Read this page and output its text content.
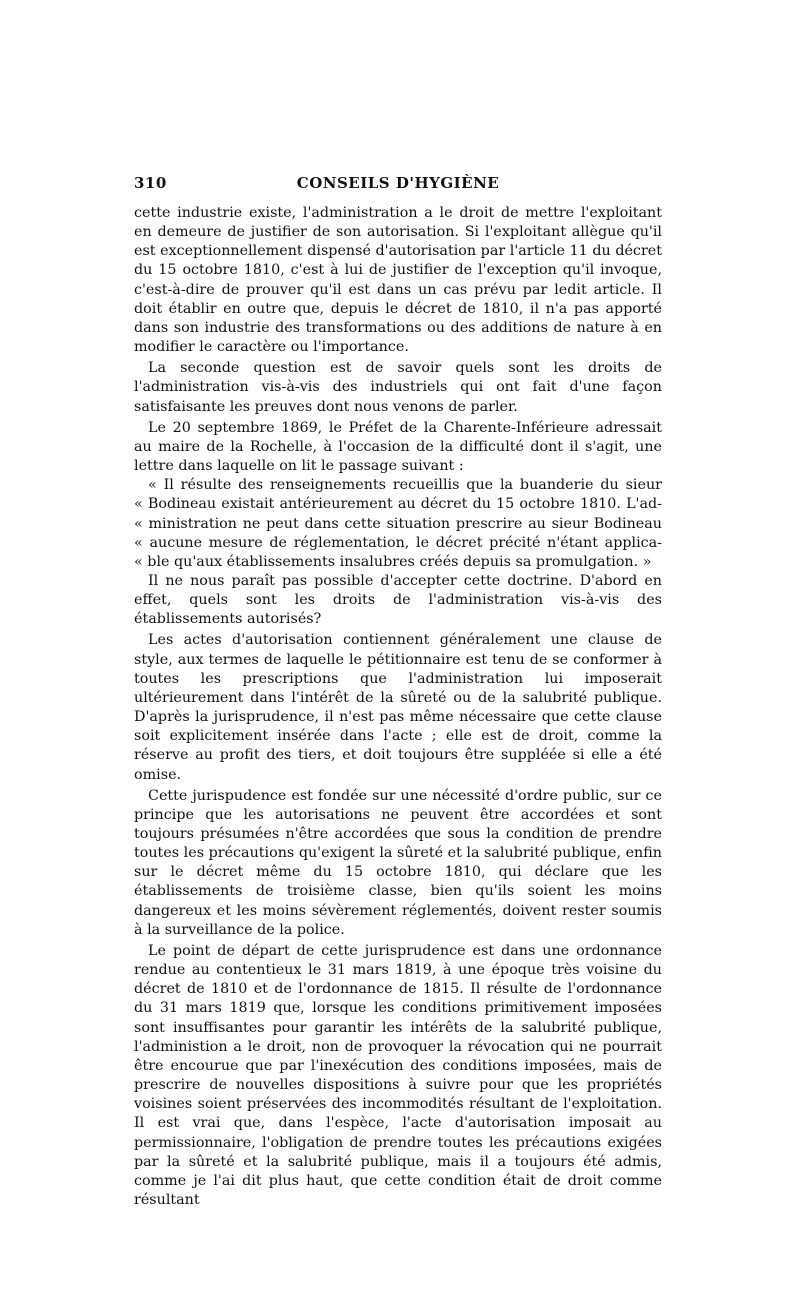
310	CONSEILS D'HYGIÈNE

cette industrie existe, l'administration a le droit de mettre l'exploitant en demeure de justifier de son autorisation. Si l'exploitant allègue qu'il est exceptionnellement dispensé d'autorisation par l'article 11 du décret du 15 octobre 1810, c'est à lui de justifier de l'exception qu'il invoque, c'est-à-dire de prouver qu'il est dans un cas prévu par ledit article. Il doit établir en outre que, depuis le décret de 1810, il n'a pas apporté dans son industrie des transformations ou des additions de nature à en modifier le caractère ou l'importance.

La seconde question est de savoir quels sont les droits de l'administration vis-à-vis des industriels qui ont fait d'une façon satisfaisante les preuves dont nous venons de parler.

Le 20 septembre 1869, le Préfet de la Charente-Inférieure adressait au maire de la Rochelle, à l'occasion de la difficulté dont il s'agit, une lettre dans laquelle on lit le passage suivant :

« Il résulte des renseignements recueillis que la buanderie du sieur
« Bodineau existait antérieurement au décret du 15 octobre 1810. L'ad-
« ministration ne peut dans cette situation prescrire au sieur Bodineau
« aucune mesure de réglementation, le décret précité n'étant applica-
« ble qu'aux établissements insalubres créés depuis sa promulgation. »

Il ne nous paraît pas possible d'accepter cette doctrine. D'abord en effet, quels sont les droits de l'administration vis-à-vis des établissements autorisés?

Les actes d'autorisation contiennent généralement une clause de style, aux termes de laquelle le pétitionnaire est tenu de se conformer à toutes les prescriptions que l'administration lui imposerait ultérieurement dans l'intérêt de la sûreté ou de la salubrité publique. D'après la jurisprudence, il n'est pas même nécessaire que cette clause soit explicitement insérée dans l'acte ; elle est de droit, comme la réserve au profit des tiers, et doit toujours être suppléée si elle a été omise.

Cette jurispudence est fondée sur une nécessité d'ordre public, sur ce principe que les autorisations ne peuvent être accordées et sont toujours présumées n'être accordées que sous la condition de prendre toutes les précautions qu'exigent la sûreté et la salubrité publique, enfin sur le décret même du 15 octobre 1810, qui déclare que les établissements de troisième classe, bien qu'ils soient les moins dangereux et les moins sévèrement réglementés, doivent rester soumis à la surveillance de la police.

Le point de départ de cette jurisprudence est dans une ordonnance rendue au contentieux le 31 mars 1819, à une époque très voisine du décret de 1810 et de l'ordonnance de 1815. Il résulte de l'ordonnance du 31 mars 1819 que, lorsque les conditions primitivement imposées sont insuffisantes pour garantir les intérêts de la salubrité publique, l'administion a le droit, non de provoquer la révocation qui ne pourrait être encourue que par l'inexécution des conditions imposées, mais de prescrire de nouvelles dispositions à suivre pour que les propriétés voisines soient préservées des incommodités résultant de l'exploitation. Il est vrai que, dans l'espèce, l'acte d'autorisation imposait au permissionnaire, l'obligation de prendre toutes les précautions exigées par la sûreté et la salubrité publique, mais il a toujours été admis, comme je l'ai dit plus haut, que cette condition était de droit comme résultant
